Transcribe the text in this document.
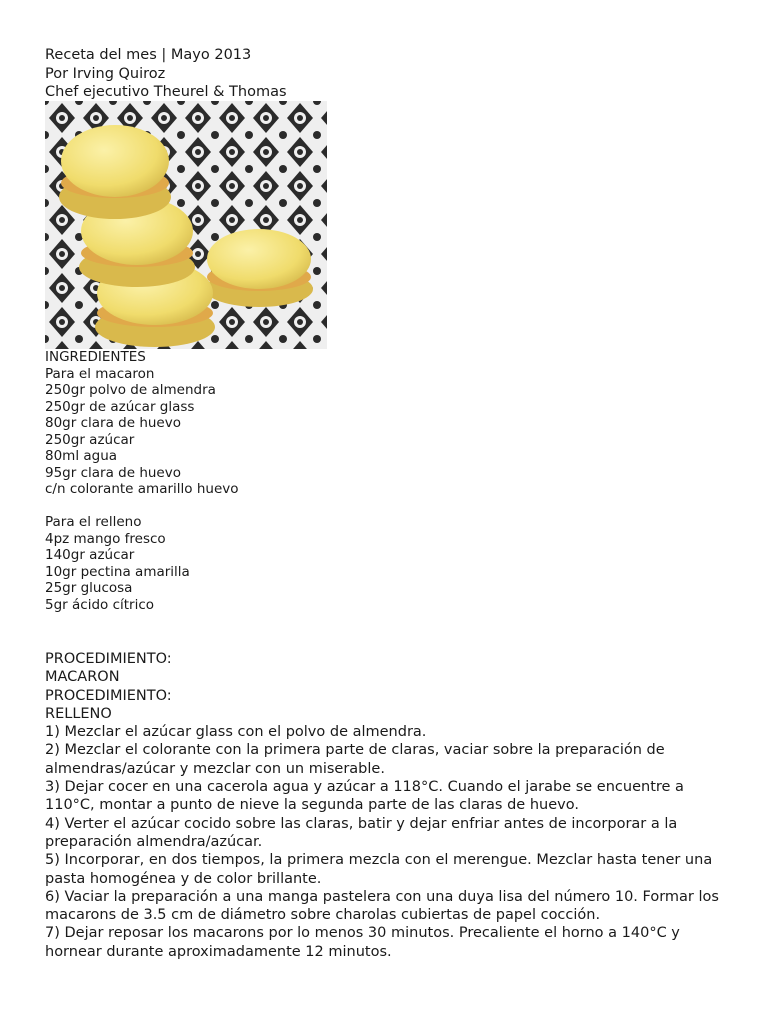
Receta del mes | Mayo 2013
Por Irving Quiroz
Chef ejecutivo Theurel & Thomas
INGREDIENTES
Para el macaron
250gr polvo de almendra
250gr de azúcar glass
80gr clara de huevo
250gr azúcar
80ml agua
95gr clara de huevo
c/n colorante amarillo huevo
Para el relleno
4pz mango fresco
140gr azúcar
10gr pectina amarilla
25gr glucosa
5gr ácido cítrico
PROCEDIMIENTO:
MACARON
PROCEDIMIENTO:
RELLENO
1) Mezclar el azúcar glass con el polvo de almendra.
2) Mezclar el colorante con la primera parte de claras, vaciar sobre la preparación de almendras/azúcar y mezclar con un miserable.
3) Dejar cocer en una cacerola agua y azúcar a 118°C. Cuando el jarabe se encuentre a 110°C, montar a punto de nieve la segunda parte de las claras de huevo.
4) Verter el azúcar cocido sobre las claras, batir y dejar enfriar antes de incorporar a la preparación almendra/azúcar.
5) Incorporar, en dos tiempos, la primera mezcla con el merengue. Mezclar hasta tener una pasta homogénea y de color brillante.
6) Vaciar la preparación a una manga pastelera con una duya lisa del número 10. Formar los macarons de 3.5 cm de diámetro sobre charolas cubiertas de papel cocción.
7) Dejar reposar los macarons por lo menos 30 minutos. Precaliente el horno a 140°C y hornear durante aproximadamente 12 minutos.
